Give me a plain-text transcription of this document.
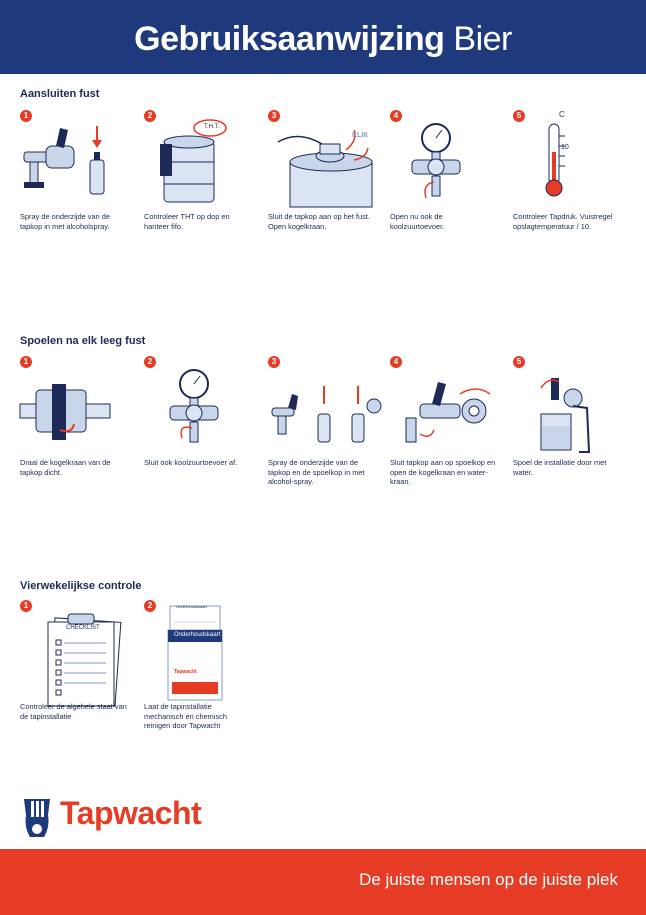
Gebruiksaanwijzing Bier
Aansluiten fust
1
Spray de onderzijde van de tapkop in met alcoholspray.
2
T.H.T.
Controleer THT op dop en hanteer fifo.
3
KLIK
Sluit de tapkop aan op het fust. Open kogelkraan.
4
Open nu ook de koolzuurtoevoer.
5	C
10
Controleer Tapdruk. Vuistregel opslagtemperatuur / 10.
Spoelen na elk leeg fust
1
Draai de kogelkraan van de tapkop dicht.
2
Sluit ook koolzuurtoevoer af.
3
Spray de onderzijde van de tapkop en de spoelkop in met alcohol-spray.
4
Sluit tapkop aan op spoelkop en open de kogelkraan en water-kraan.
5
Spoel de installatie door met water.
Vierwekelijkse controle
1
CHECKLIST
Controleer de algehele staat van de tapinstallatie
2	Onderhoudskaart
Onderhoudskaart
Tapwacht
Laat de tapinstallatie mechanisch en chemisch reinigen door Tapwacht
Tapwacht
De juiste mensen op de juiste plek
